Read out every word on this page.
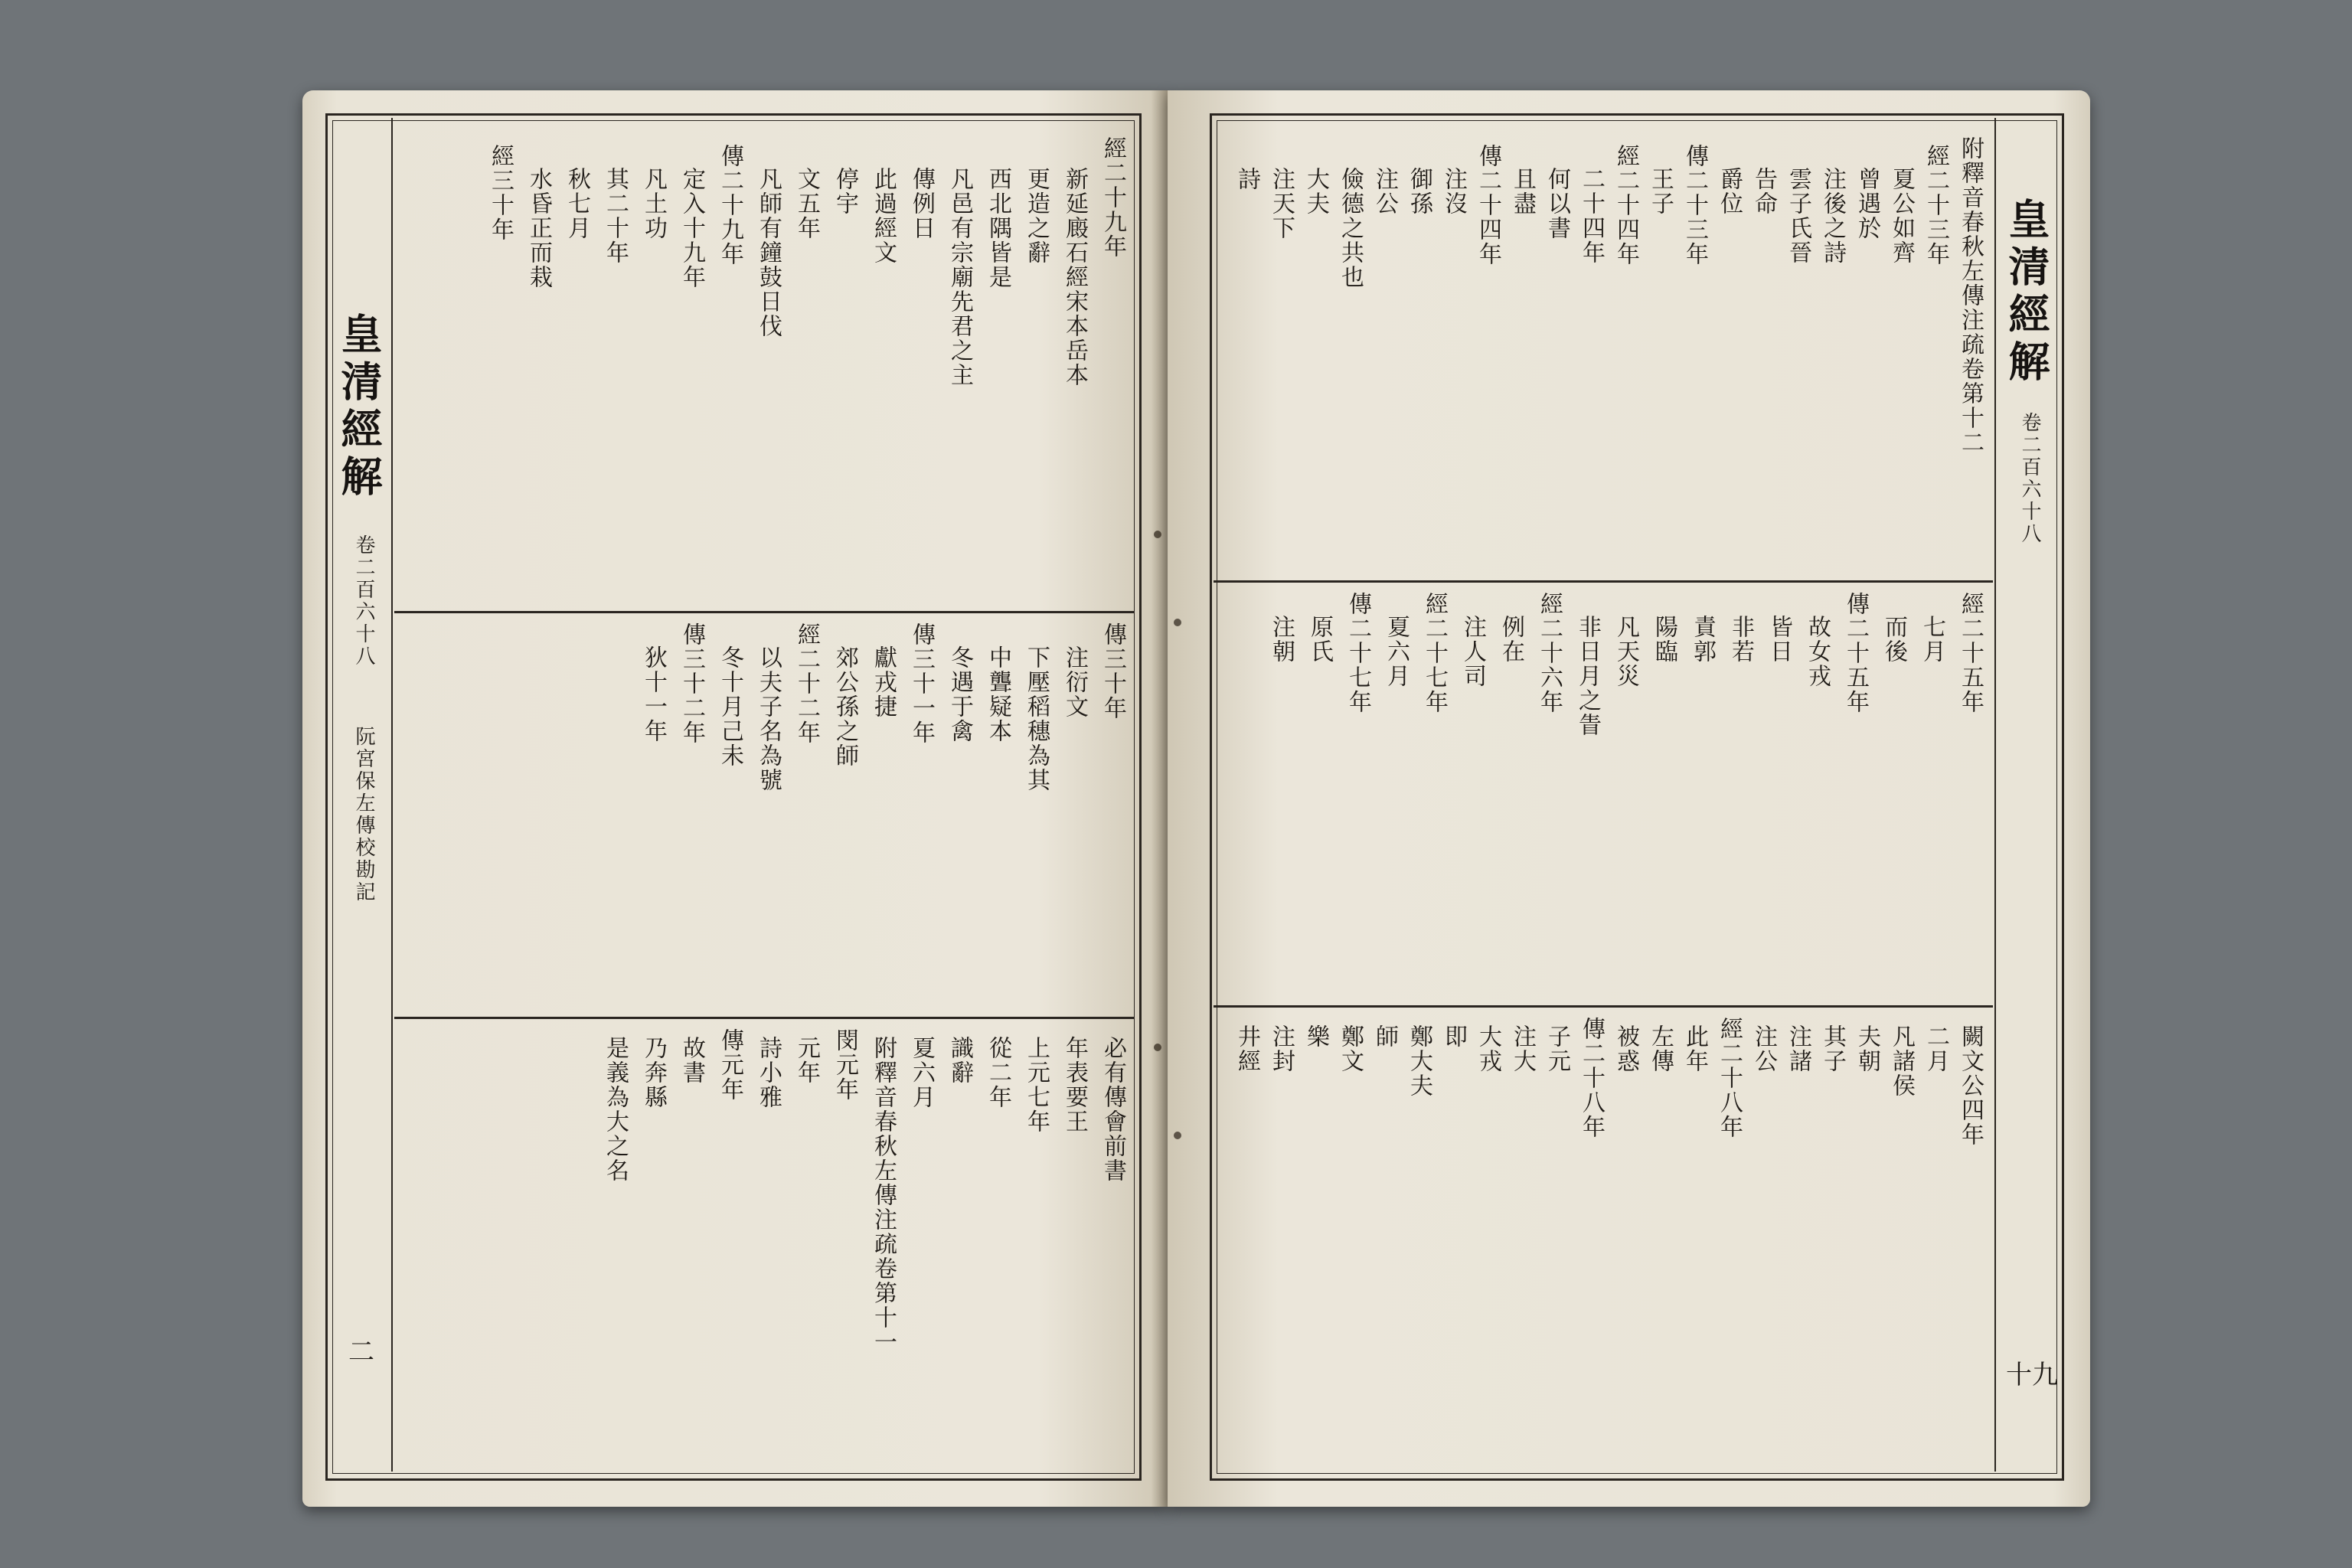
皇清經解
卷二百六十八
阮宮保左傳校勘記
二
經二十九年
新延廄石經宋本岳本
更造之辭
西北隅皆是
凡邑有宗廟先君之主
傳例日
此過經文
停宇
文五年
凡師有鐘鼓日伐
傳二十九年
定入十九年
凡土功
其二十年
秋七月
水昏正而栽
經三十年
傳三十年
注衍文
下壓稻穗為其
中聾疑本
冬遇于禽
傳三十一年
獻戎捷
郊公孫之師
經二十二年
以夫子名為號
冬十月己未
傳三十二年
狄十一年
必有傳會前書
年表要王
上元七年
從二年
識辭
夏六月
附釋音春秋左傳注疏卷第十一
閔元年
元年
詩小雅
傳元年
故書
乃奔縣
是義為大之名
皇清經解
卷二百六十八
十九
附釋音春秋左傳注疏卷第十二
經二十三年
夏公如齊
曾遇於
注後之詩
雲子氏晉
告命
爵位
傳二十三年
王子
經二十四年
二十四年
何以書
且盡
傳二十四年
注沒
御孫
注公
儉德之共也
大夫
注天下
詩
經二十五年
七月
而後
傳二十五年
故女戎
皆日
非若
責郭
陽臨
凡天災
非日月之眚
經二十六年
例在
注人司
經二十七年
夏六月
傳二十七年
原氏
注朝
闕文公四年
二月
凡諸侯
夫朝
其子
注諸
注公
經二十八年
此年
左傳
被惑
傳二十八年
子元
注大
大戎
即
鄭大夫
師
鄭文
樂
注封
井經
